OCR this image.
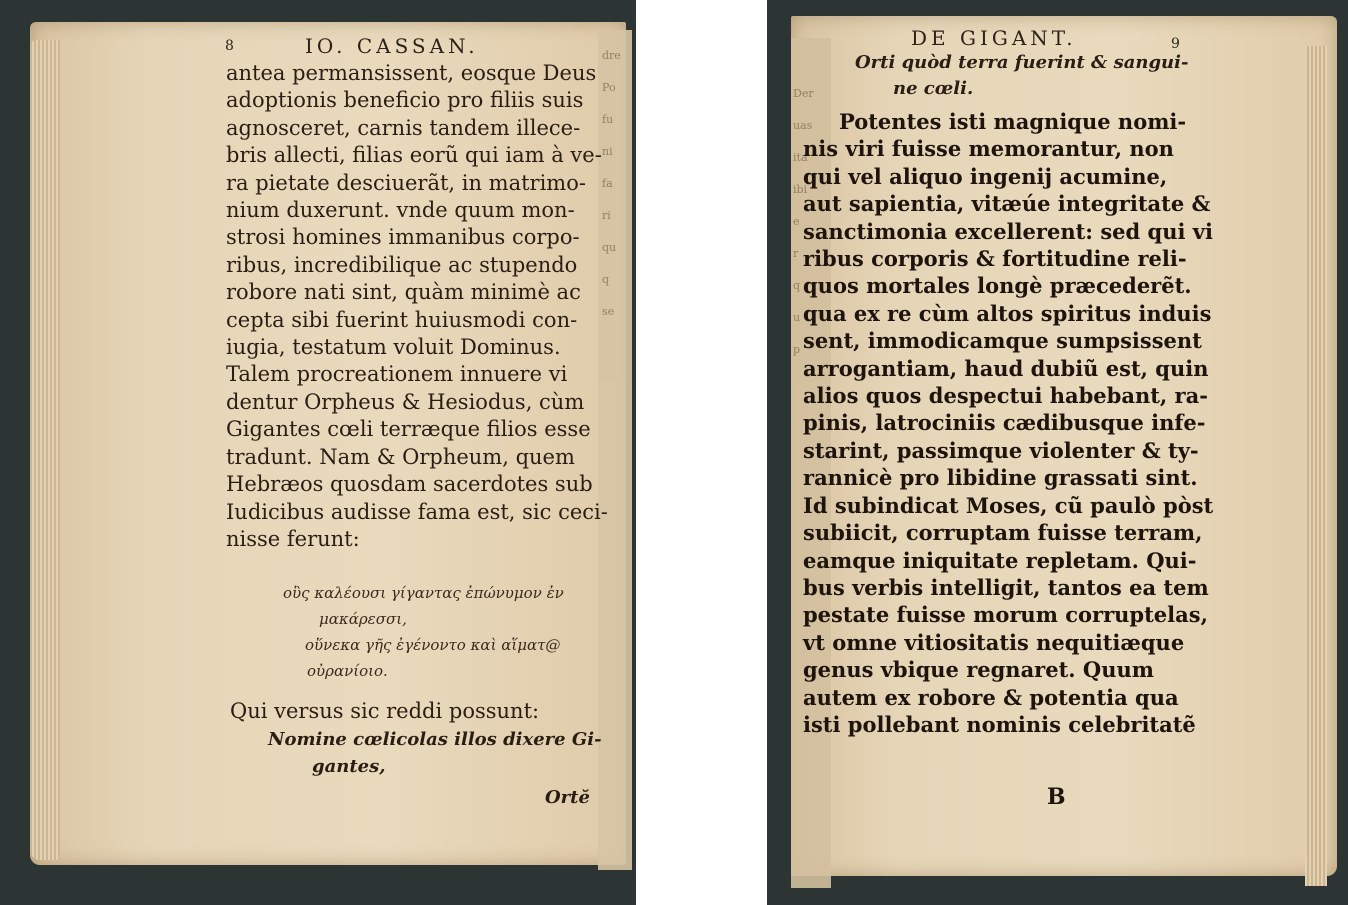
dre
Po
fu
ni
fa
ri
qu
q
se
8	IO. CASSAN.
antea permansissent, eosque Deus
adoptionis beneficio pro filiis suis
agnosceret, carnis tandem illece-
bris allecti, filias eorũ qui iam à ve-
ra pietate desciuerãt, in matrimo-
nium duxerunt. vnde quum mon-
strosi homines immanibus corpo-
ribus, incredibilique ac stupendo
robore nati sint, quàm minimè ac
cepta sibi fuerint huiusmodi con-
iugia, testatum voluit Dominus.
Talem procreationem innuere vi
dentur Orpheus & Hesiodus, cùm
Gigantes cœli terræque filios esse
tradunt. Nam & Orpheum, quem
Hebræos quosdam sacerdotes sub
Iudicibus audisse fama est, sic ceci-
nisse ferunt:
οὓς καλέουσι γίγαντας ἐπώνυμον ἐν
μακάρεσσι,
οὕνεκα γῆς ἐγένοντο καὶ αἵματ@
οὐρανίοιο.
Qui versus sic reddi possunt:
Nomine cœlicolas illos dixere Gi-
gantes,
Ortĕ
Der
uas
ita
ibi
e
r
q
u
p
DE GIGANT.	9
Orti quòd terra fuerint & sangui-
ne cœli.
Potentes isti magnique nomi-
nis viri fuisse memorantur, non
qui vel aliquo ingenij acumine,
aut sapientia, vitæúe integritate &
sanctimonia excellerent: sed qui vi
ribus corporis & fortitudine reli-
quos mortales longè præcederẽt.
qua ex re cùm altos spiritus induis
sent, immodicamque sumpsissent
arrogantiam, haud dubiũ est, quin
alios quos despectui habebant, ra-
pinis, latrociniis cædibusque infe-
starint, passimque violenter & ty-
rannicè pro libidine grassati sint.
Id subindicat Moses, cũ paulò pòst
subiicit, corruptam fuisse terram,
eamque iniquitate repletam. Qui-
bus verbis intelligit, tantos ea tem
pestate fuisse morum corruptelas,
vt omne vitiositatis nequitiæque
genus vbique regnaret. Quum
autem ex robore & potentia qua
isti pollebant nominis celebritatẽ
B
